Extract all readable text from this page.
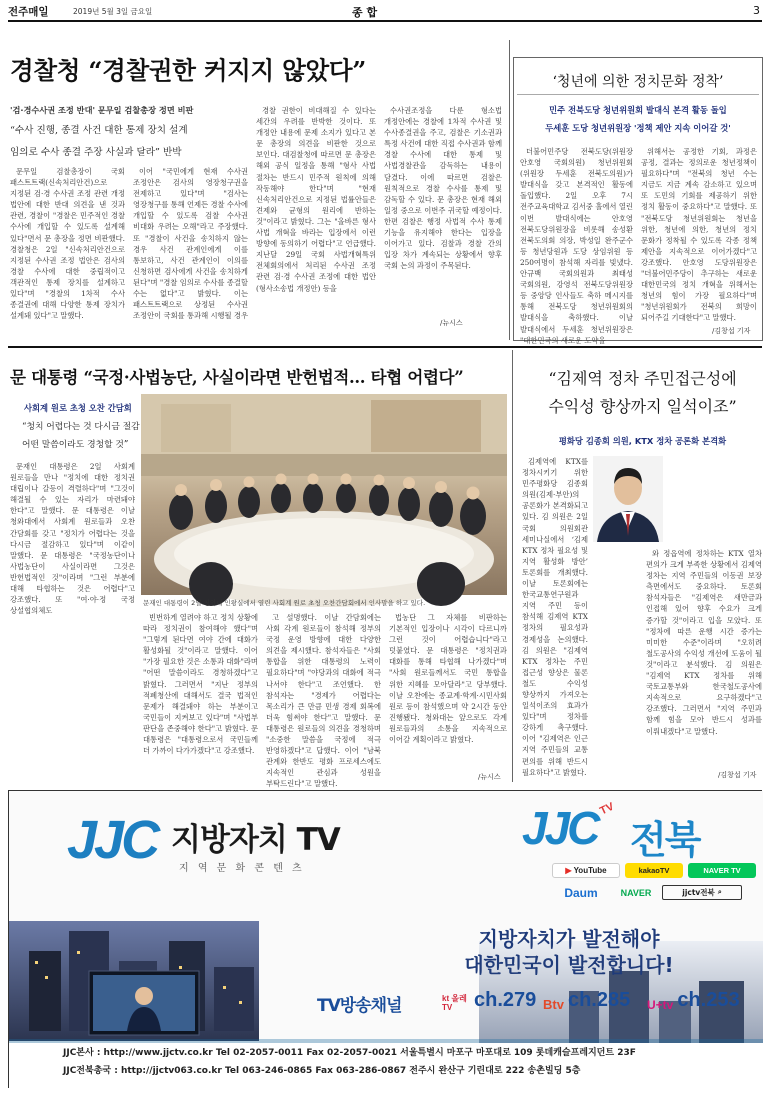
전주매일	2019년 5월 3일 금요일	종 합	3
경찰청 “경찰권한 커지지 않았다”
'검·경수사권 조정 반대' 문무일 검찰총장 정면 비판
“수사 진행, 종결 사건 대한 통제 장치 설계
임의로 수사 종결 주장 사실과 달라” 반박
문무일 검찰총장이 국회 패스트트랙(신속처리안건)으로 지정된 검·경 수사권 조정 관련 개정 법안에 대한 반대 의견을 낸 것과 관련, 경찰이 "경찰은 민주적인 경찰 수사에 개입할 수 있도록 설계해 있다"면서 문 총장을 정면 비판했다. 경찰청은 2일 "신속처리안건으로 지정된 수사권 조정 법안은 검사의 경찰 수사에 대한 중립적이고 객관적인 통제 장치를 설계하고 있다"며 "경찰의 1차적 수사 종결권에 대해 다양한 통제 장치가 설계돼 있다"고 말했다.
이어 "국민에게 현재 수사권 조정안은 검사의 영장청구권을 전제하고 있다"며 "검사는 영장청구를 통해 언제든 경찰 수사에 개입할 수 있도록 검찰 수사권 비대화 우려는 오해"라고 주장했다. 또 "경찰이 사건을 송치하지 않는 경우 사건 관계인에게 이를 통보하고, 사건 관계인이 이의를 신청하면 검사에게 사건을 송치하게 된다"며 "경찰 임의로 수사를 종결할 수는 없다"고 밝혔다. 이는 패스트트랙으로 상정된 수사권 조정안이 국회를 통과해 시행될 경우
경찰 권한이 비대해질 수 있다는 세간의 우려를 반박한 것이다. 또 개정안 내용에 문제 소지가 있다고 본 문 총장의 의견을 비판한 것으로 보인다. 대검찰청에 따르면 문 총장은 해외 공식 일정을 통해 "형사 사법 절차는 반드시 민주적 원칙에 의해 작동해야 한다"며 "현재 신속처리안건으로 지정된 법률안들은 견제와 균형의 원리에 반하는 것"이라고 밝혔다. 그는 "올바른 형사 사법 개혁을 바라는 입장에서 이런 방향에 동의하기 어렵다"고 언급했다. 지난달 29일 국회 사법개혁특위 전체회의에서 처리된 수사권 조정 관련 검·경 수사권 조정에 대한 법안(형사소송법 개정안) 등을
수사권조정을 다룬 형소법 개정안에는 경찰에 1차적 수사권 및 수사종결권을 주고, 검찰은 기소권과 특정 사건에 대한 직접 수사권과 함께 경찰 수사에 대한 통제 및 사법경찰관을 감독하는 내용이 담겼다. 이에 따르면 검찰은 원칙적으로 경찰 수사를 통제 및 감독할 수 있다. 문 총장은 현재 해외 일정 중으로 이번주 귀국할 예정이다. 한편 검찰은 행정 사법적 수사 통제 기능을 유지해야 한다는 입장을 이어가고 있다. 검찰과 경찰 간의 입장 차가 계속되는 상황에서 향후 국회 논의 과정이 주목된다.
/뉴시스
‘청년에 의한 정치문화 정착’
민주 전북도당 청년위원회 발대식 본격 활동 돌입
두세훈 도당 청년위원장 '정책 제안 지속 이어갈 것'
더불어민주당 전북도당(위원장 안호영 국회의원) 청년위원회(위원장 두세훈 전북도의원)가 발대식을 갖고 본격적인 활동에 돌입했다. 2일 오후 7시 전주교육대학교 김서중 홀에서 열린 이번 발대식에는 안호영 전북도당위원장을 비롯해 송성환 전북도의회 의장, 박성일 완주군수 등 청년당원과 도당 상임위원 등 250여명이 참석해 자리를 빛냈다. 안규백 국회의원과 최태성 국회의원, 강영석 전북도당위원장 등 중앙당 인사들도 축하 메시지를 통해 전북도당 청년위원회의 발대식을 축하했다. 이날 발대식에서 두세훈 청년위원장은 "대한민국의 새로운 도약을
위해서는 공정한 기회, 과정은 공정, 결과는 정의로운 청년정책이 필요하다"며 "전북의 청년 수는 지금도 지금 계속 감소하고 있으며 또 도민의 기회를 제공하기 위한 정치 활동이 중요하다"고 말했다. 또 "전북도당 청년위원회는 청년을 위한, 청년에 의한, 청년의 정치 문화가 정착될 수 있도록 각종 정책 제안을 지속적으로 이어가겠다"고 강조했다. 안호영 도당위원장은 "더불어민주당이 추구하는 새로운 대한민국의 정치 개혁을 위해서는 청년의 힘이 가장 필요하다"며 "청년위원회가 전북의 희망이 되어주길 기대한다"고 말했다.
/김창섭 기자
문 대통령 “국정·사법농단, 사실이라면 반헌법적… 타협 어렵다”
사회계 원로 초청 오찬 간담회
“청치 어렵다는 것 다시금 절감
어떤 말씀이라도 경청할 것”
문재인 대통령은 2일 사회계 원로들을 만나 "정치에 대한 정치권 대립이나 갈등이 격렬하다"며 "그것이 해결될 수 있는 자리가 마련돼야 한다"고 말했다. 문 대통령은 이날 청와대에서 사회계 원로들과 오찬 간담회를 갖고 "정치가 어렵다는 것을 다시금 절감하고 있다"며 이같이 말했다. 문 대통령은 "국정농단이나 사법농단이 사실이라면 그것은 반헌법적인 것"이라며 "그런 부분에 대해 타협하는 것은 어렵다"고 강조했다. 또 "여·야·정 국정 상설협의체도
문재인 대통령이 2일 청와대 인왕실에서 열린 사회계 원로 초청 오찬간담회에서 인사말을 하고 있다.
빈번하게 열려야 하고 정치 상황에 따라 정치권이 참여해야 했다"며 "그렇게 된다면 여야 간에 대화가 활성화될 것"이라고 말했다. 이어 "가장 필요한 것은 소통과 대화"라며 "어떤 말씀이라도 경청하겠다"고 밝혔다. 그러면서 "지난 정부의 적폐청산에 대해서도 결국 법적인 문제가 해결돼야 하는 부분이고 국민들이 지켜보고 있다"며 "사법부 판단을 존중해야 한다"고 밝혔다. 문 대통령은 "대통령으로서 국민들께 더 가까이 다가가겠다"고 강조했다.
고 설명했다. 이날 간담회에는 사회 각계 원로들이 참석해 정부의 국정 운영 방향에 대한 다양한 의견을 제시했다. 참석자들은 "사회 통합을 위한 대통령의 노력이 필요하다"며 "야당과의 대화에 적극 나서야 한다"고 조언했다. 한 참석자는 "경제가 어렵다는 목소리가 큰 만큼 민생 경제 회복에 더욱 힘써야 한다"고 말했다. 문 대통령은 원로들의 의견을 경청하며 "소중한 말씀을 국정에 적극 반영하겠다"고 답했다. 이어 "남북 관계와 한반도 평화 프로세스에도 지속적인 관심과 성원을 부탁드린다"고 말했다.
법농단 그 자체를 비판하는 기본적인 입장이나 시각이 다르니까 그런 것이 어렵습니다"라고 덧붙였다. 문 대통령은 "정치권과 대화를 통해 타협해 나가겠다"며 "사회 원로들께서도 국민 통합을 위한 지혜를 모아달라"고 당부했다. 이날 오찬에는 종교계·학계·시민사회 원로 등이 참석했으며 약 2시간 동안 진행됐다. 청와대는 앞으로도 각계 원로들과의 소통을 지속적으로 이어갈 계획이라고 밝혔다.
/뉴시스
“김제역 정차 주민접근성에
수익성 향상까지 일석이조”
평화당 김종회 의원, KTX 정차 공론화 본격화
김제역에 KTX를 정차시키기 위한 민주평화당 김종회 의원(김제·부안)의 공론화가 본격화되고 있다. 김 의원은 2일 국회 의원회관 세미나실에서 ‘김제 KTX 정차 필요성 및 지역 활성화 방안’ 토론회를 개최했다. 이날 토론회에는 한국교통연구원과 지역 주민 등이 참석해 김제역 KTX 정차의 필요성과 경제성을 논의했다. 김 의원은 "김제역 KTX 정차는 주민 접근성 향상은 물론 철도 수익성 향상까지 가져오는 일석이조의 효과가 있다"며 정차를 강하게 촉구했다. 이어 "김제역은 인근 지역 주민들의 교통 편의를 위해 반드시 필요하다"고 밝혔다.
와 정읍역에 정차하는 KTX 열차 편의가 크게 부족한 상황에서 김제역 정차는 지역 주민들의 이동권 보장 측면에서도 중요하다. 토론회 참석자들은 "김제역은 새만금과 인접해 있어 향후 수요가 크게 증가할 것"이라고 입을 모았다. 또 "정차에 따른 운행 시간 증가는 미미한 수준"이라며 "오히려 철도공사의 수익성 개선에 도움이 될 것"이라고 분석했다. 김 의원은 "김제역 KTX 정차를 위해 국토교통부와 한국철도공사에 지속적으로 요구하겠다"고 강조했다. 그러면서 "지역 주민과 함께 힘을 모아 반드시 성과를 이뤄내겠다"고 말했다.
/김창섭 기자
JJC 지방자치 TV
지 역 문 화 콘 텐 츠
JJC TV
전북
▶ YouTube	kakaoTV	NAVER TV
Daum	NAVER	jjctv전북 ⌕
지방자치가 발전해야
대한민국이 발전합니다!
TV방송채널	kt 올레TV	ch.279 Btv ch.285 U+tv ch.253
JJC본사 : http://www.jjctv.co.kr Tel 02-2057-0011 Fax 02-2057-0021 서울특별시 마포구 마포대로 109 롯데캐슬프레지던트 23F
JJC전북총국 : http://jjctv063.co.kr Tel 063-246-0865 Fax 063-286-0867 전주시 완산구 기린대로 222 송촌빌딩 5층
